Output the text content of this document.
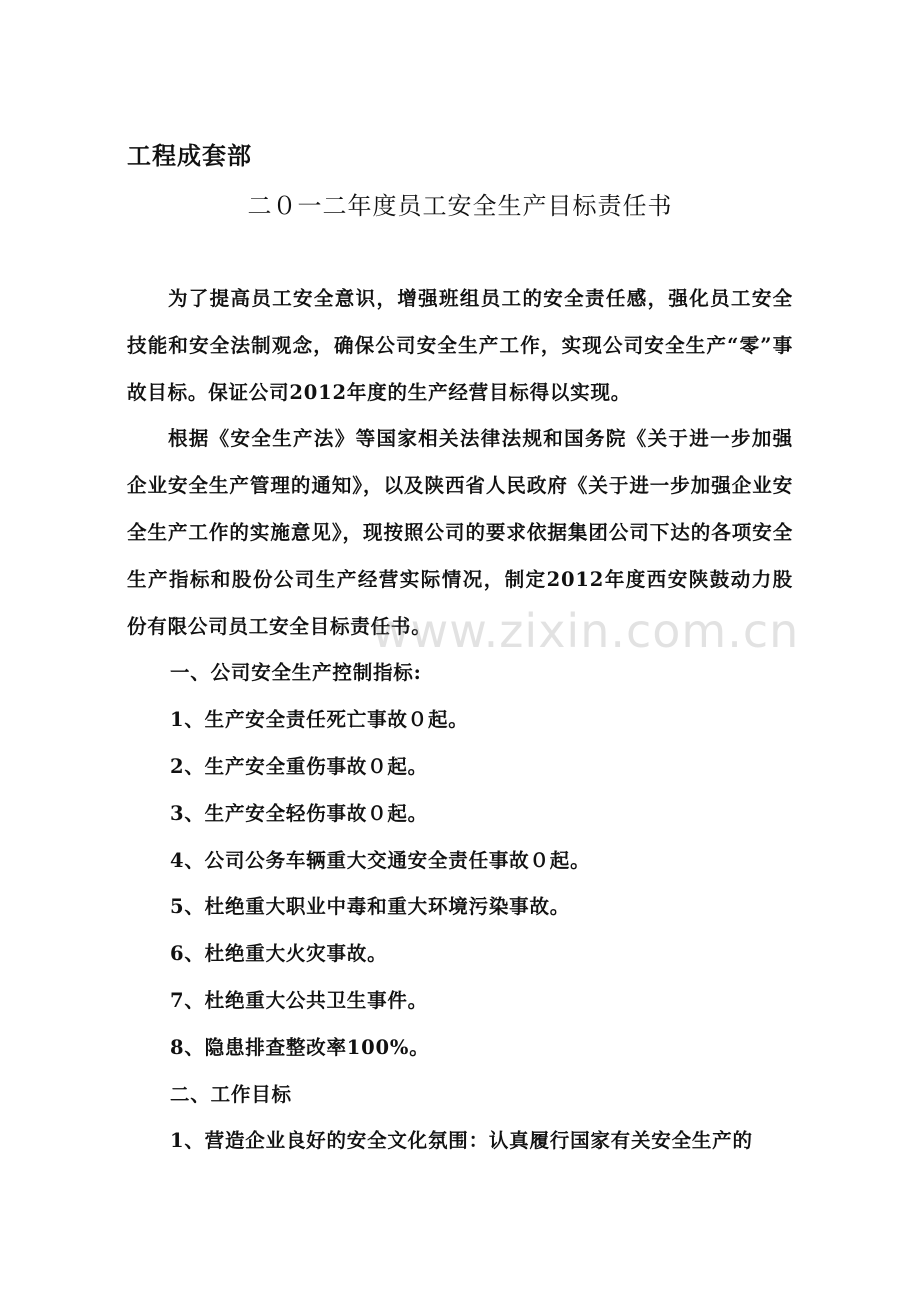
工程成套部
二０一二年度员工安全生产目标责任书

为了提高员工安全意识，增强班组员工的安全责任感，强化员工安全技能和安全法制观念，确保公司安全生产工作，实现公司安全生产“零”事故目标。保证公司2012年度的生产经营目标得以实现。

根据《安全生产法》等国家相关法律法规和国务院《关于进一步加强企业安全生产管理的通知》，以及陕西省人民政府《关于进一步加强企业安全生产工作的实施意见》，现按照公司的要求依据集团公司下达的各项安全生产指标和股份公司生产经营实际情况，制定2012年度西安陕鼓动力股份有限公司员工安全目标责任书。

一、公司安全生产控制指标:

1、生产安全责任死亡事故０起。

2、生产安全重伤事故０起。

3、生产安全轻伤事故０起。

4、公司公务车辆重大交通安全责任事故０起。

5、杜绝重大职业中毒和重大环境污染事故。

6、杜绝重大火灾事故。

7、杜绝重大公共卫生事件。

8、隐患排查整改率100%。

二、工作目标

1、营造企业良好的安全文化氛围：认真履行国家有关安全生产的

www.zixin.com.cn
